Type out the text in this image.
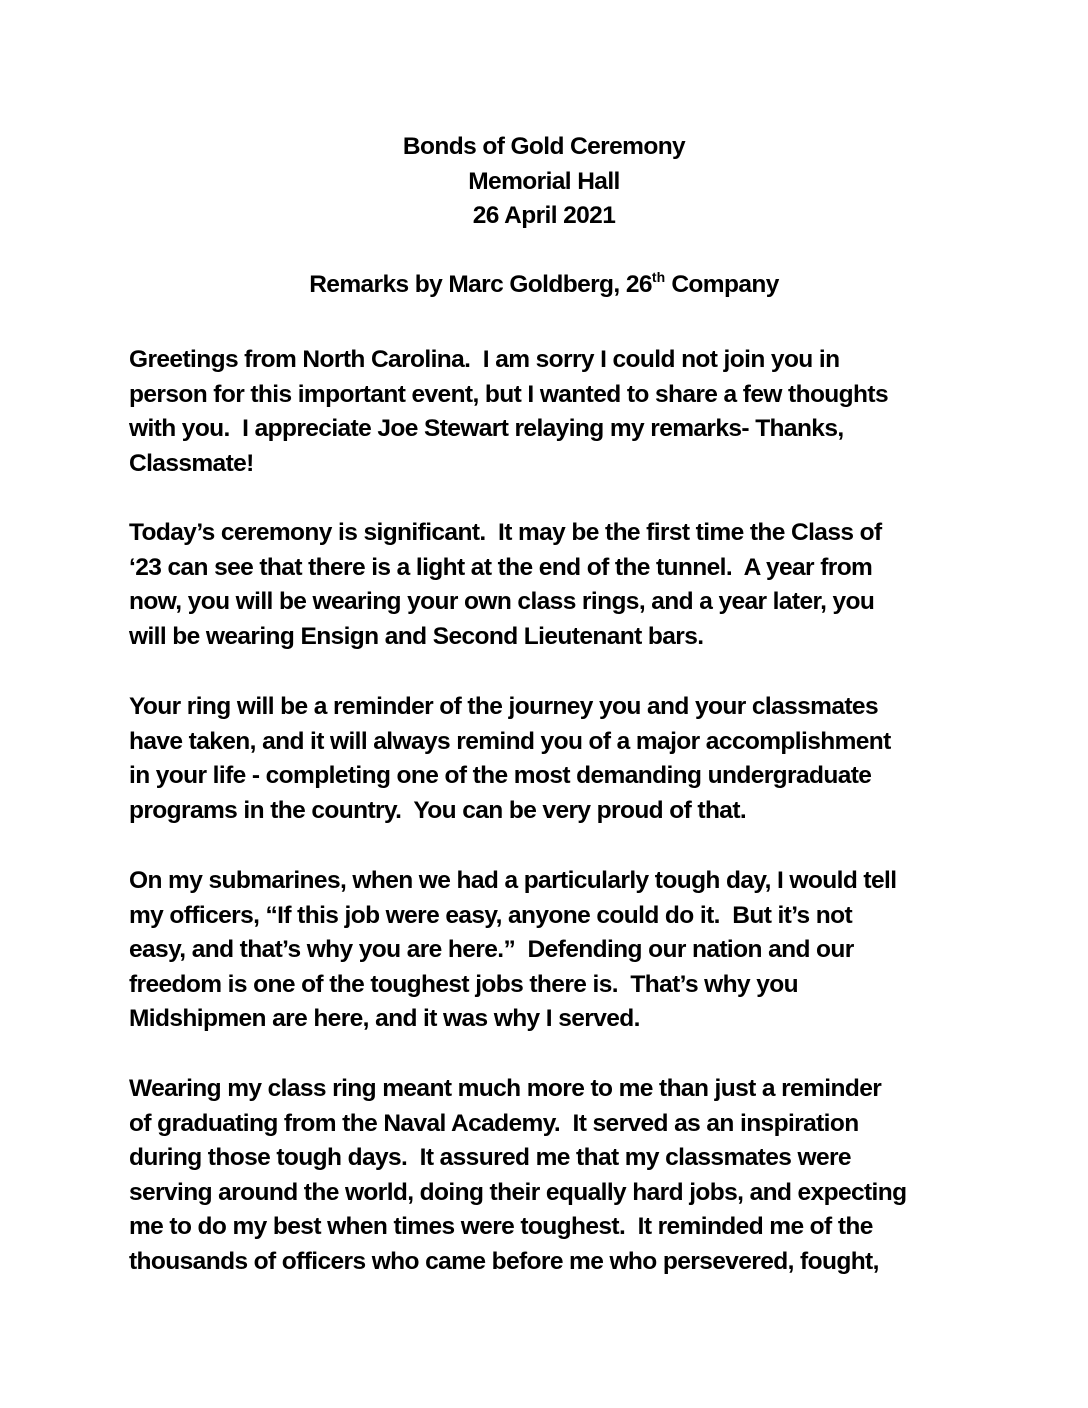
Bonds of Gold Ceremony
Memorial Hall
26 April 2021
Remarks by Marc Goldberg, 26th Company
Greetings from North Carolina.  I am sorry I could not join you in
person for this important event, but I wanted to share a few thoughts
with you.  I appreciate Joe Stewart relaying my remarks- Thanks,
Classmate!
Today’s ceremony is significant.  It may be the first time the Class of
‘23 can see that there is a light at the end of the tunnel.  A year from
now, you will be wearing your own class rings, and a year later, you
will be wearing Ensign and Second Lieutenant bars.
Your ring will be a reminder of the journey you and your classmates
have taken, and it will always remind you of a major accomplishment
in your life - completing one of the most demanding undergraduate
programs in the country.  You can be very proud of that.
On my submarines, when we had a particularly tough day, I would tell
my officers, “If this job were easy, anyone could do it.  But it’s not
easy, and that’s why you are here.”  Defending our nation and our
freedom is one of the toughest jobs there is.  That’s why you
Midshipmen are here, and it was why I served.
Wearing my class ring meant much more to me than just a reminder
of graduating from the Naval Academy.  It served as an inspiration
during those tough days.  It assured me that my classmates were
serving around the world, doing their equally hard jobs, and expecting
me to do my best when times were toughest.  It reminded me of the
thousands of officers who came before me who persevered, fought,
